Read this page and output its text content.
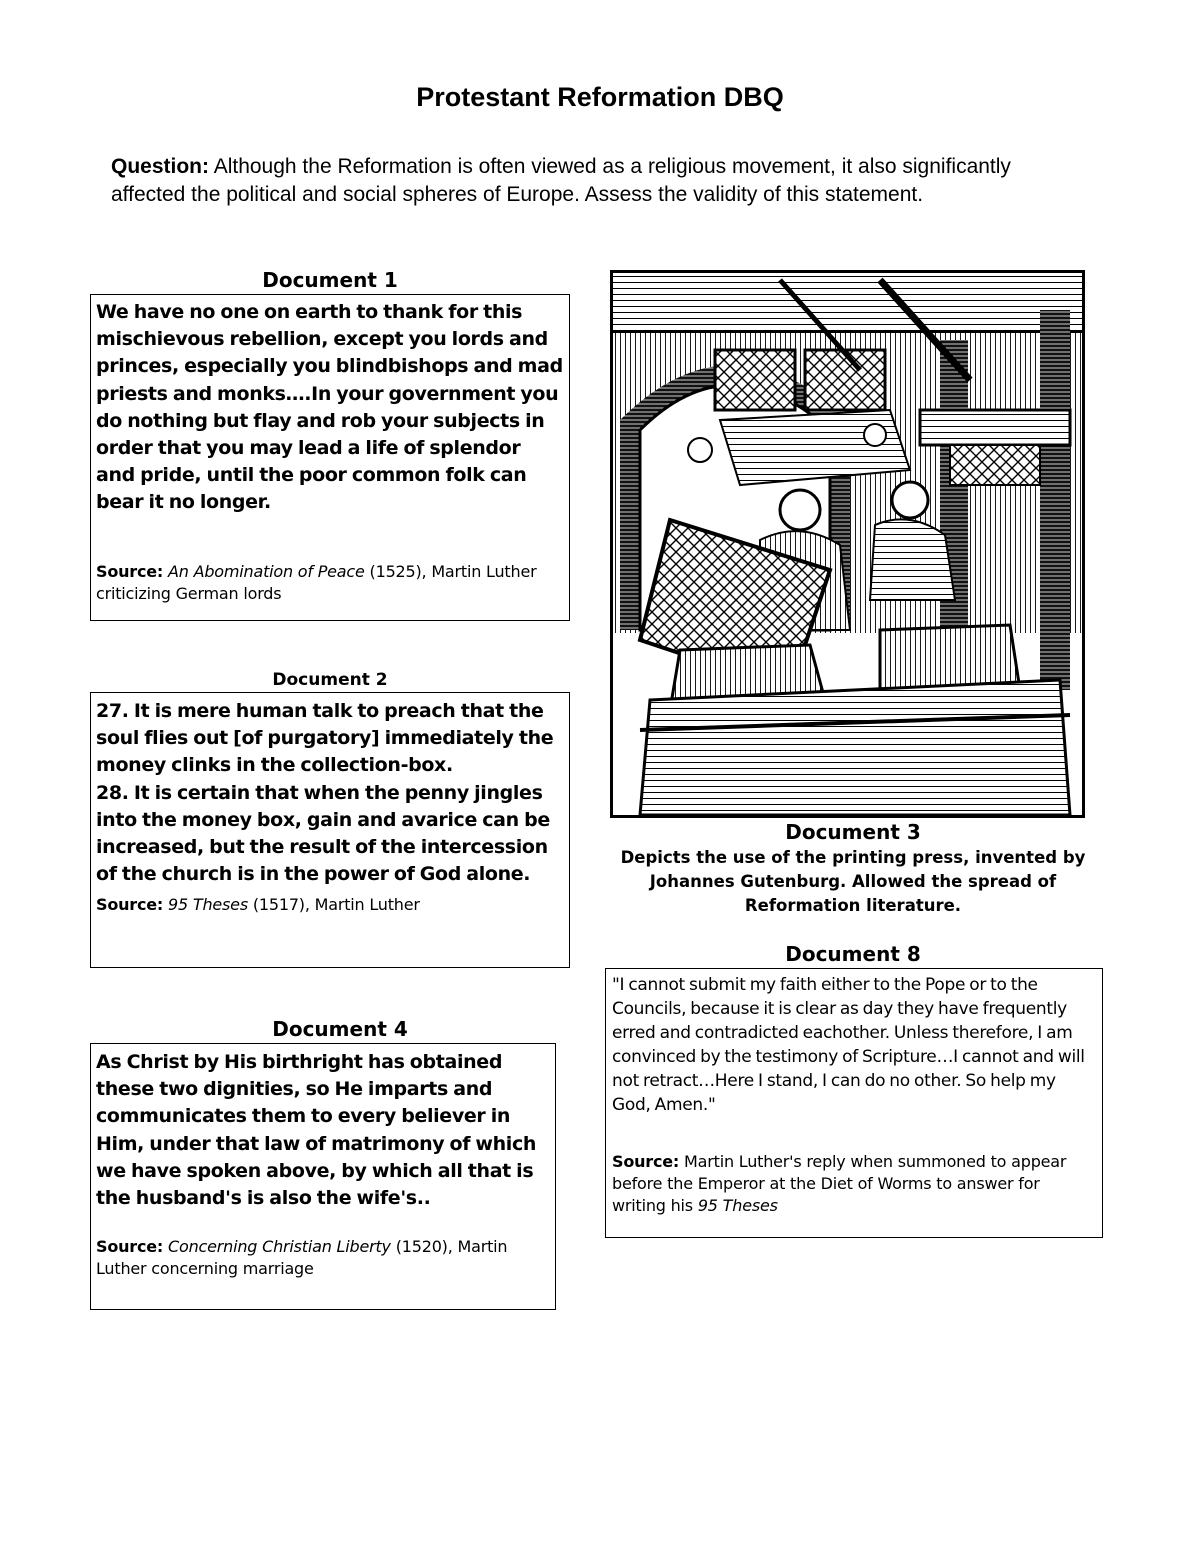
Protestant Reformation DBQ
Question: Although the Reformation is often viewed as a religious movement, it also significantly affected the political and social spheres of Europe. Assess the validity of this statement.
Document 1
We have no one on earth to thank for this mischievous rebellion, except you lords and princes, especially you blindbishops and mad priests and monks….In your government you do nothing but flay and rob your subjects in order that you may lead a life of splendor and pride, until the poor common folk can bear it no longer.
Source: An Abomination of Peace (1525), Martin Luther criticizing German lords
Document 2
27. It is mere human talk to preach that the soul flies out [of purgatory] immediately the money clinks in the collection-box.
28. It is certain that when the penny jingles into the money box, gain and avarice can be increased, but the result of the intercession of the church is in the power of God alone.
Source: 95 Theses (1517), Martin Luther
Document 4
As Christ by His birthright has obtained these two dignities, so He imparts and communicates them to every believer in Him, under that law of matrimony of which we have spoken above, by which all that is the husband's is also the wife's..
Source: Concerning Christian Liberty (1520), Martin Luther concerning marriage
Document 3
Depicts the use of the printing press, invented by Johannes Gutenburg. Allowed the spread of Reformation literature.
Document 8
"I cannot submit my faith either to the Pope or to the Councils, because it is clear as day they have frequently erred and contradicted eachother. Unless therefore, I am convinced by the testimony of Scripture…I cannot and will not retract…Here I stand, I can do no other. So help my God, Amen."
Source: Martin Luther's reply when summoned to appear before the Emperor at the Diet of Worms to answer for writing his 95 Theses
